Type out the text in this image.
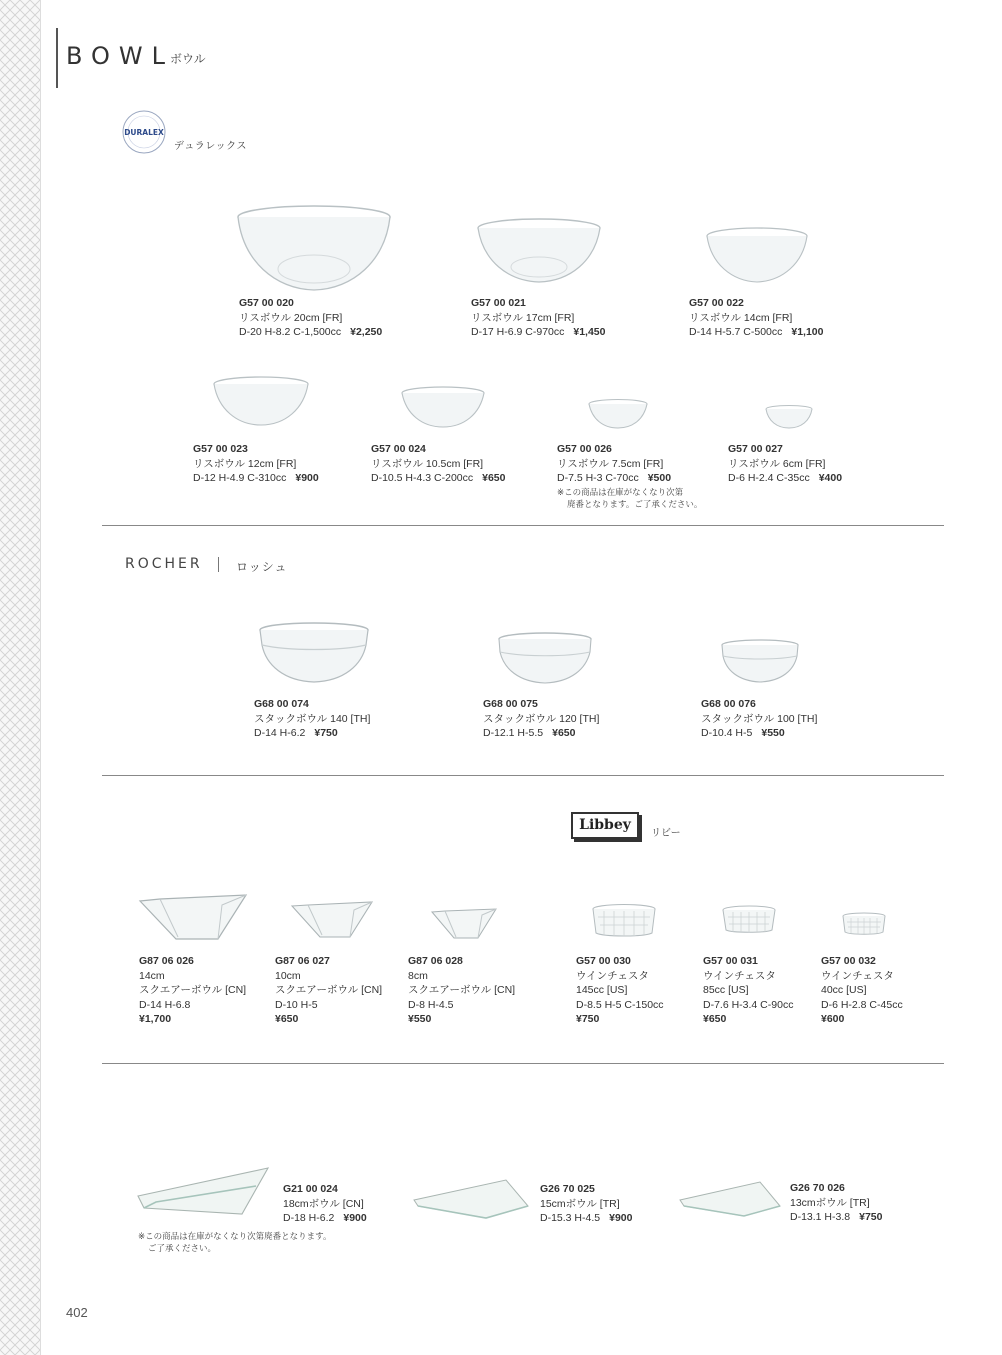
BOWL
ボウル
DURALEX
デュラレックス
G57 00 020
リスボウル 20cm [FR]
D-20 H-8.2 C-1,500cc ¥2,250
G57 00 021
リスボウル 17cm [FR]
D-17 H-6.9 C-970cc ¥1,450
G57 00 022
リスボウル 14cm [FR]
D-14 H-5.7 C-500cc ¥1,100
G57 00 023
リスボウル 12cm [FR]
D-12 H-4.9 C-310cc ¥900
G57 00 024
リスボウル 10.5cm [FR]
D-10.5 H-4.3 C-200cc ¥650
G57 00 026
リスボウル 7.5cm [FR]
D-7.5 H-3 C-70cc ¥500
G57 00 027
リスボウル 6cm [FR]
D-6 H-2.4 C-35cc ¥400
※この商品は在庫がなくなり次第
廃番となります。ご了承ください。
ROCHER	ロッシュ
G68 00 074
スタックボウル 140 [TH]
D-14 H-6.2 ¥750
G68 00 075
スタックボウル 120 [TH]
D-12.1 H-5.5 ¥650
G68 00 076
スタックボウル 100 [TH]
D-10.4 H-5 ¥550
Libbey
リビー
G87 06 026
14cm
スクエアーボウル [CN]
D-14 H-6.8
¥1,700
G87 06 027
10cm
スクエアーボウル [CN]
D-10 H-5
¥650
G87 06 028
8cm
スクエアーボウル [CN]
D-8 H-4.5
¥550
G57 00 030
ウインチェスタ
145cc [US]
D-8.5 H-5 C-150cc
¥750
G57 00 031
ウインチェスタ
85cc [US]
D-7.6 H-3.4 C-90cc
¥650
G57 00 032
ウインチェスタ
40cc [US]
D-6 H-2.8 C-45cc
¥600
G21 00 024
18cmボウル [CN]
D-18 H-6.2 ¥900
G26 70 025
15cmボウル [TR]
D-15.3 H-4.5 ¥900
G26 70 026
13cmボウル [TR]
D-13.1 H-3.8 ¥750
※この商品は在庫がなくなり次第廃番となります。
ご了承ください。
402
